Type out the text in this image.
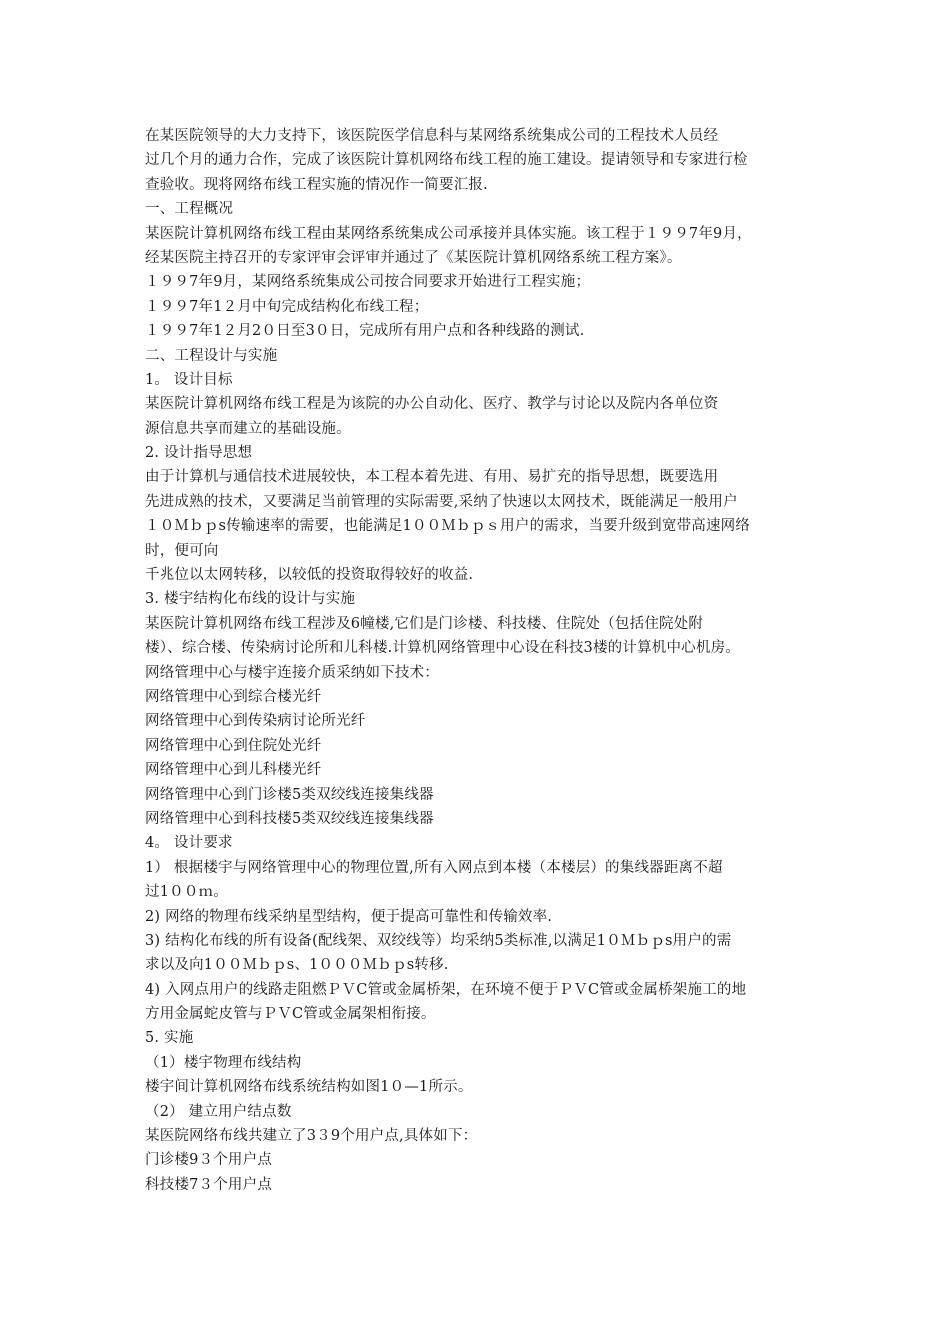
在某医院领导的大力支持下，该医院医学信息科与某网络系统集成公司的工程技术人员经
过几个月的通力合作，完成了该医院计算机网络布线工程的施工建设。提请领导和专家进行检
查验收。现将网络布线工程实施的情况作一简要汇报.
一、工程概况
某医院计算机网络布线工程由某网络系统集成公司承接并具体实施。该工程于１９９7年9月，
经某医院主持召开的专家评审会评审并通过了《某医院计算机网络系统工程方案》。
１９９7年9月，某网络系统集成公司按合同要求开始进行工程实施；
１９９7年1２月中旬完成结构化布线工程；
１９９7年1２月2０日至3０日，完成所有用户点和各种线路的测试.
二、工程设计与实施
1。 设计目标
某医院计算机网络布线工程是为该院的办公自动化、医疗、教学与讨论以及院内各单位资
源信息共享而建立的基础设施。
2. 设计指导思想
由于计算机与通信技术进展较快，本工程本着先进、有用、易扩充的指导思想，既要选用
先进成熟的技术，又要满足当前管理的实际需要,采纳了快速以太网技术，既能满足一般用户
１０Ｍｂｐs传输速率的需要，也能满足1００Ｍｂｐｓ用户的需求，当要升级到宽带高速网络
时，便可向
千兆位以太网转移，以较低的投资取得较好的收益.
3. 楼宇结构化布线的设计与实施
某医院计算机网络布线工程涉及6幢楼,它们是门诊楼、科技楼、住院处（包括住院处附
楼）、综合楼、传染病讨论所和儿科楼.计算机网络管理中心设在科技3楼的计算机中心机房。
网络管理中心与楼宇连接介质采纳如下技术：
网络管理中心到综合楼光纤
网络管理中心到传染病讨论所光纤
网络管理中心到住院处光纤
网络管理中心到儿科楼光纤
网络管理中心到门诊楼5类双绞线连接集线器
网络管理中心到科技楼5类双绞线连接集线器
4。 设计要求
1） 根据楼宇与网络管理中心的物理位置,所有入网点到本楼（本楼层）的集线器距离不超
过1００ｍ。
2) 网络的物理布线采纳星型结构，便于提高可靠性和传输效率.
3) 结构化布线的所有设备(配线架、双绞线等）均采纳5类标准,以满足1０Ｍｂｐs用户的需
求以及向1００Ｍｂｐs、1０００Ｍｂｐs转移.
4) 入网点用户的线路走阻燃ＰＶC管或金属桥架，在环境不便于ＰＶC管或金属桥架施工的地
方用金属蛇皮管与ＰＶC管或金属架相衔接。
5. 实施
（1）楼宇物理布线结构
楼宇间计算机网络布线系统结构如图1０—1所示。
（2） 建立用户结点数
某医院网络布线共建立了3３9个用户点,具体如下：
门诊楼9３个用户点
科技楼7３个用户点
